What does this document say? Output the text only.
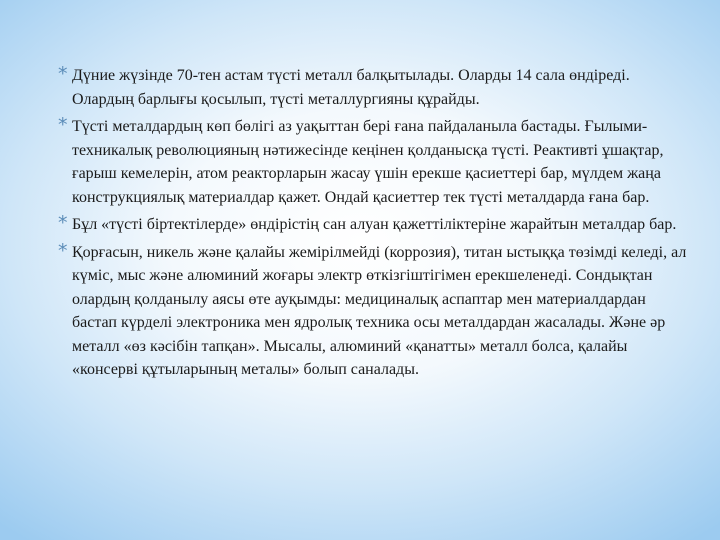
* Дүние жүзінде 70-тен астам түсті металл балқытылады. Оларды 14 сала өндіреді. Олардың барлығы қосылып, түсті металлургияны құрайды.
* Түсті металдардың көп бөлігі аз уақыттан бері ғана пайдаланыла бастады. Ғылыми-техникалық революцияның нәтижесінде кеңінен қолданысқа түсті. Реактивті ұшақтар, ғарыш кемелерін, атом реакторларын жасау үшін ерекше қасиеттері бар, мүлдем жаңа конструкциялық материалдар қажет. Ондай қасиеттер тек түсті металдарда ғана бар.
* Бұл «түсті біртектілерде» өндірістің сан алуан қажеттіліктеріне жарайтын металдар бар.
* Қорғасын, никель және қалайы жемірілмейді (коррозия), титан ыстыққа төзімді келеді, ал күміс, мыс және алюминий жоғары электр өткізгіштігімен ерекшеленеді. Сондықтан олардың қолданылу аясы өте ауқымды: медициналық аспаптар мен материалдардан бастап күрделі электроника мен ядролық техника осы металдардан жасалады. Және әр металл «өз кәсібін тапқан». Мысалы, алюминий «қанатты» металл болса, қалайы «консерві құтыларының металы» болып саналады.
